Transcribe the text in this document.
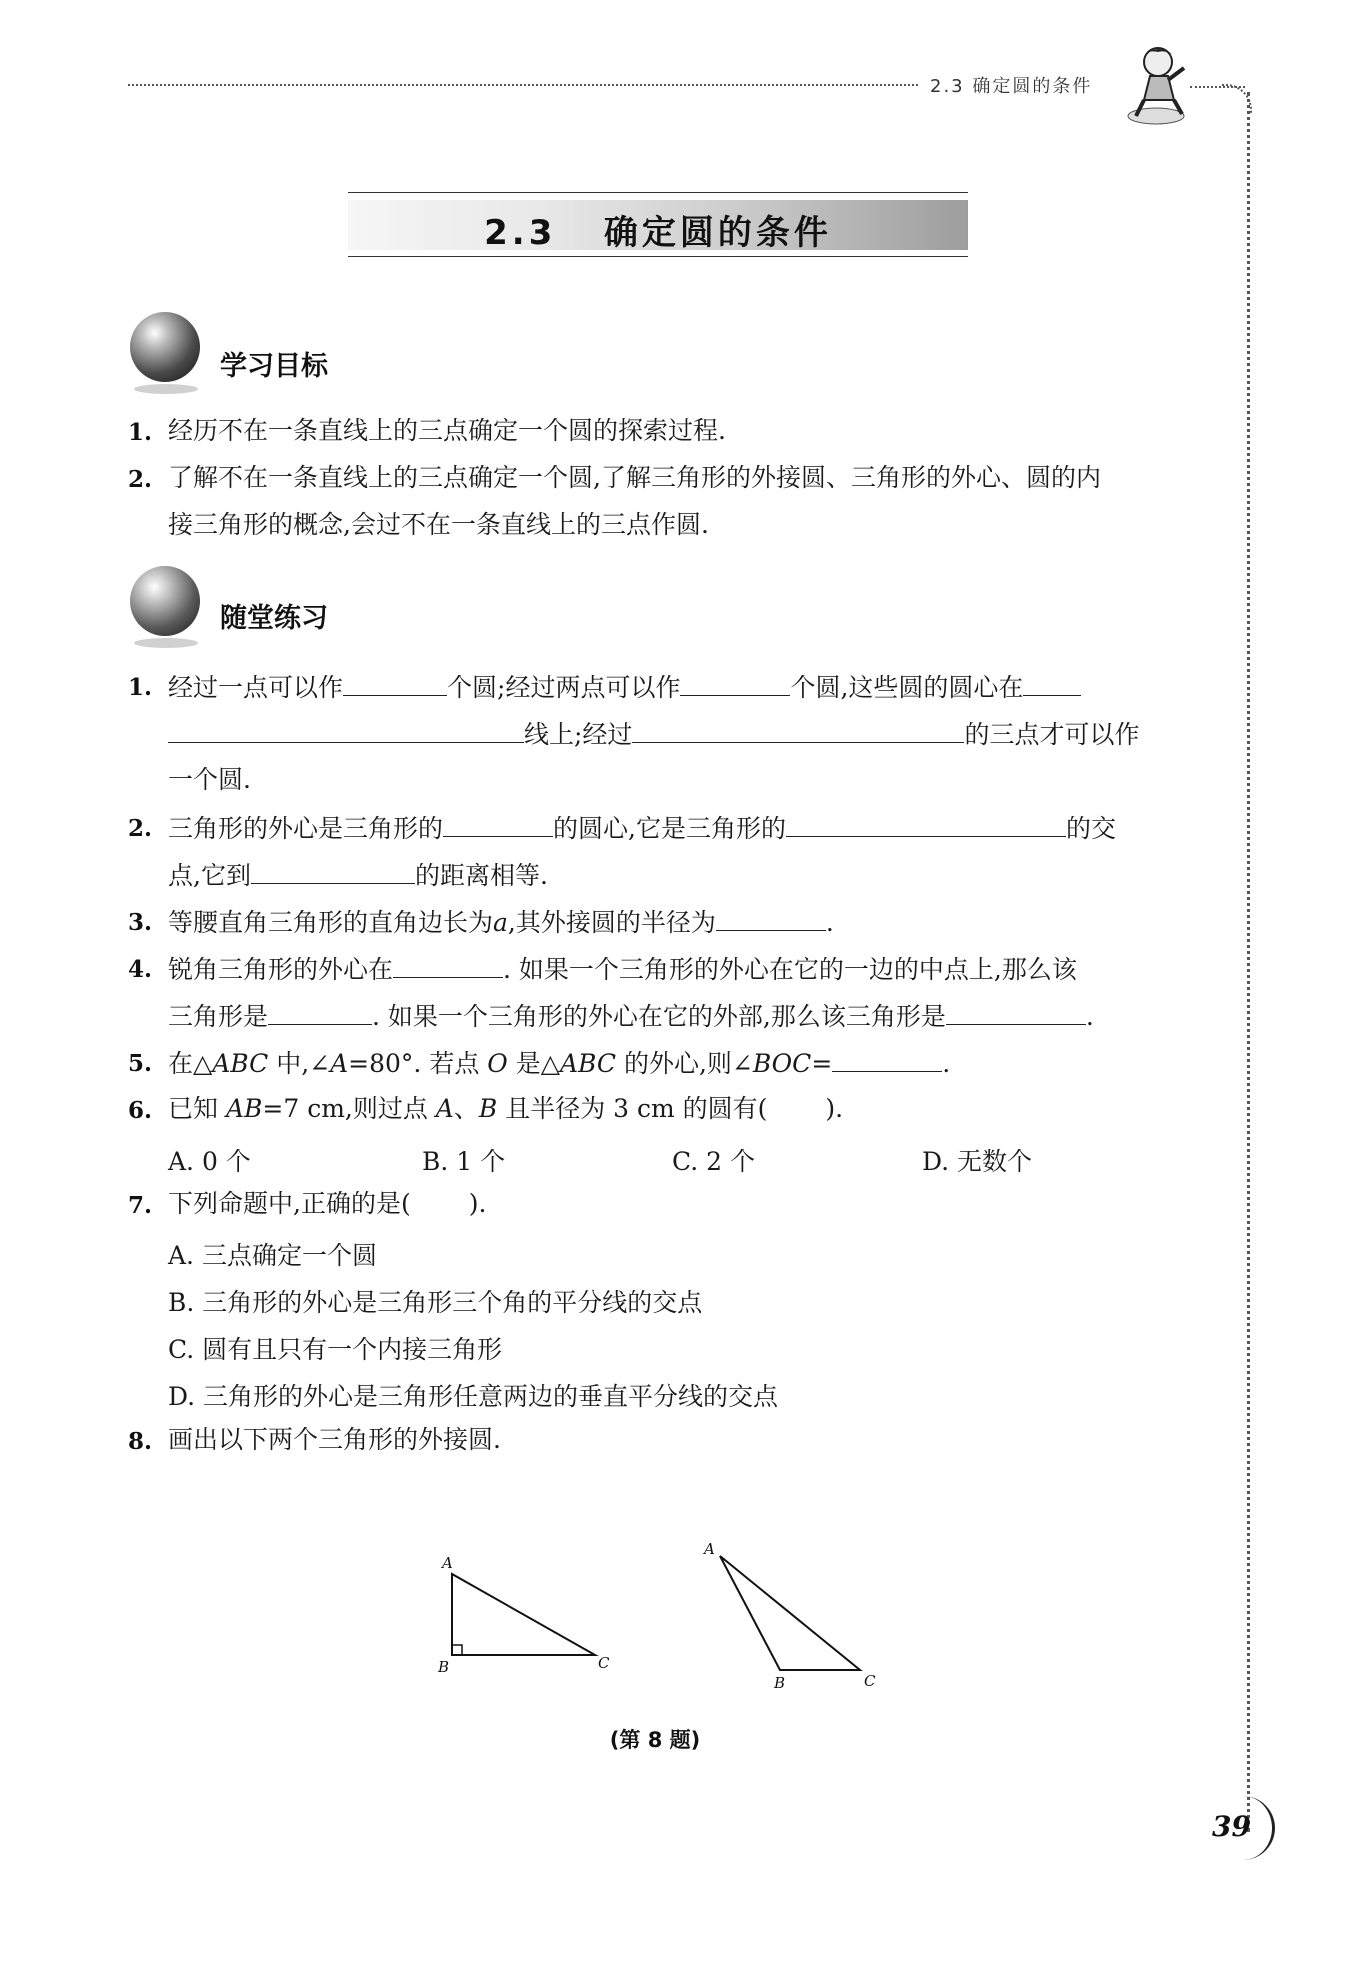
2.3 确定圆的条件
2.3 确定圆的条件
学习目标
1. 经历不在一条直线上的三点确定一个圆的探索过程.
2. 了解不在一条直线上的三点确定一个圆,了解三角形的外接圆、三角形的外心、圆的内
接三角形的概念,会过不在一条直线上的三点作圆.
随堂练习
1. 经过一点可以作	个圆;经过两点可以作	个圆,这些圆的圆心在
线上;经过	的三点才可以作
一个圆.
2. 三角形的外心是三角形的	的圆心,它是三角形的	的交
点,它到	的距离相等.
3. 等腰直角三角形的直角边长为a,其外接圆的半径为	.
4. 锐角三角形的外心在	. 如果一个三角形的外心在它的一边的中点上,那么该
三角形是	. 如果一个三角形的外心在它的外部,那么该三角形是	.
5. 在△ABC 中,∠A=80°. 若点 O 是△ABC 的外心,则∠BOC=	.
6. 已知 AB=7 cm,则过点 A、B 且半径为 3 cm 的圆有( ).
A. 0 个	B. 1 个	C. 2 个	D. 无数个
7. 下列命题中,正确的是( ).
A. 三点确定一个圆
B. 三角形的外心是三角形三个角的平分线的交点
C. 圆有且只有一个内接三角形
D. 三角形的外心是三角形任意两边的垂直平分线的交点
8. 画出以下两个三角形的外接圆.
A
B	C
A
B	C
(第 8 题)
39
